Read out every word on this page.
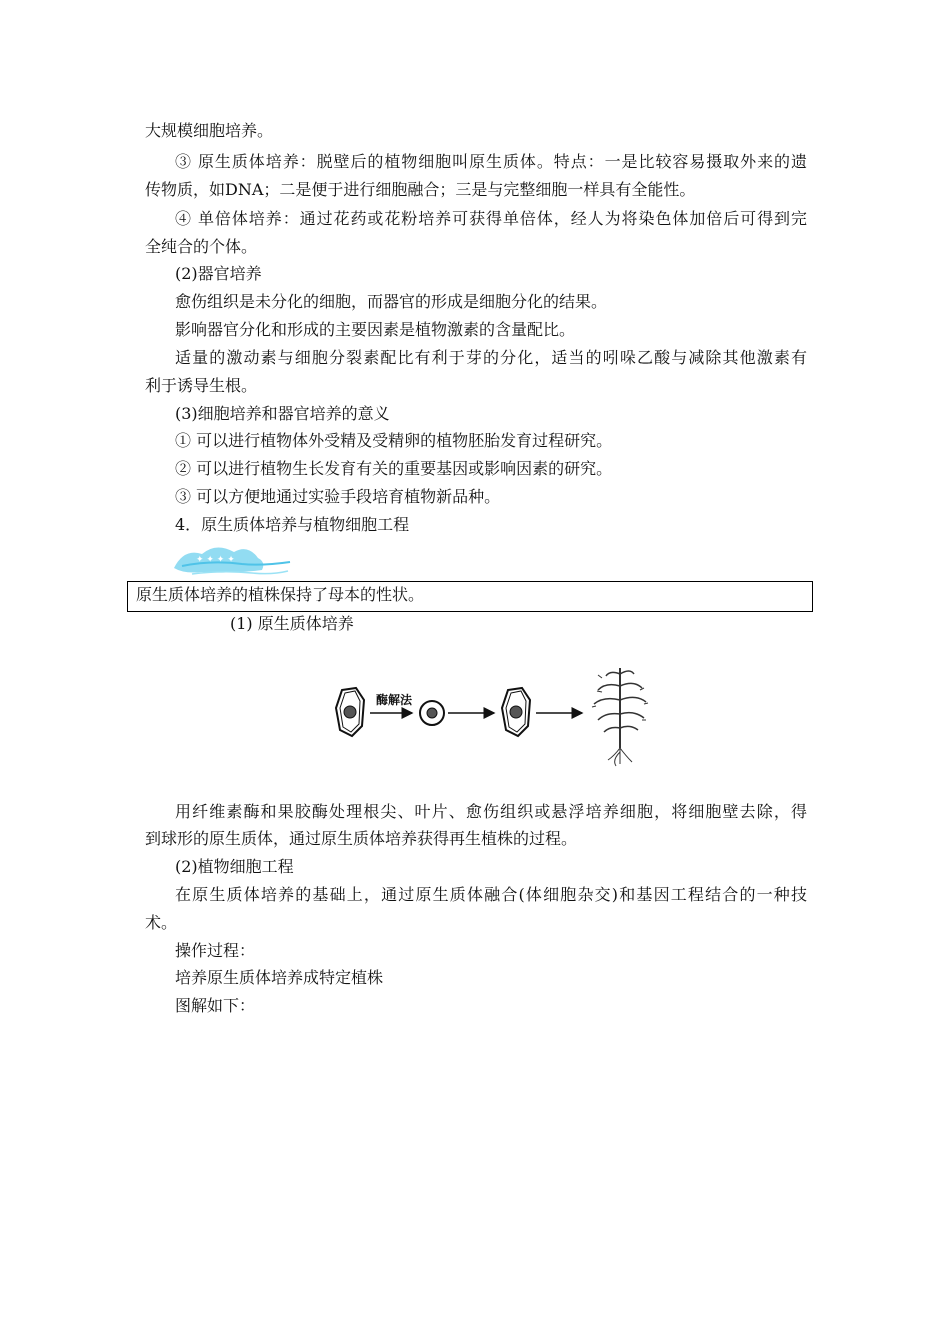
大规模细胞培养。
③ 原生质体培养：脱壁后的植物细胞叫原生质体。特点：一是比较容易摄取外来的遗
传物质，如DNA；二是便于进行细胞融合；三是与完整细胞一样具有全能性。
④ 单倍体培养：通过花药或花粉培养可获得单倍体，经人为将染色体加倍后可得到完
全纯合的个体。
(2)器官培养
愈伤组织是未分化的细胞，而器官的形成是细胞分化的结果。
影响器官分化和形成的主要因素是植物激素的含量配比。
适量的激动素与细胞分裂素配比有利于芽的分化，适当的吲哚乙酸与减除其他激素有
利于诱导生根。
(3)细胞培养和器官培养的意义
① 可以进行植物体外受精及受精卵的植物胚胎发育过程研究。
② 可以进行植物生长发育有关的重要基因或影响因素的研究。
③ 可以方便地通过实验手段培育植物新品种。
4．原生质体培养与植物细胞工程
✦ ✦ ✦ ✦
原生质体培养的植株保持了母本的性状。
(1) 原生质体培养
酶解法
用纤维素酶和果胶酶处理根尖、叶片、愈伤组织或悬浮培养细胞，将细胞壁去除，得
到球形的原生质体，通过原生质体培养获得再生植株的过程。
(2)植物细胞工程
在原生质体培养的基础上，通过原生质体融合(体细胞杂交)和基因工程结合的一种技
术。
操作过程：
培养原生质体培养成特定植株
图解如下：
